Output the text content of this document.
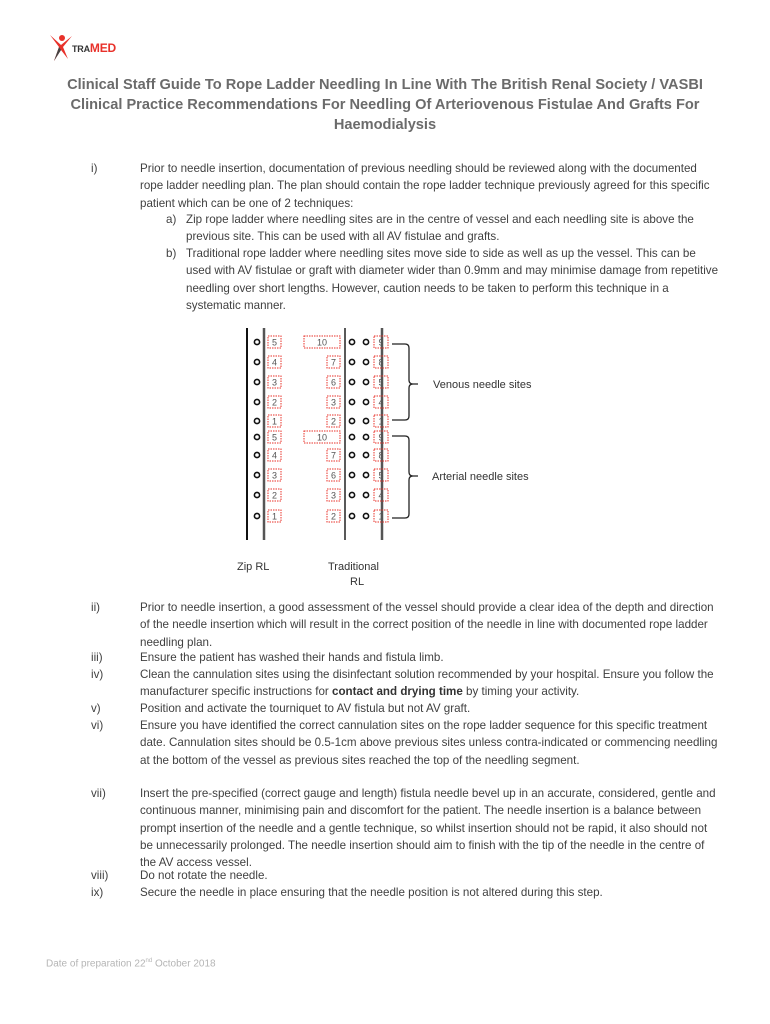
TRAMED
Clinical Staff Guide To Rope Ladder Needling In Line With The British Renal Society / VASBI Clinical Practice Recommendations For Needling Of Arteriovenous Fistulae And Grafts For Haemodialysis
i)	Prior to needle insertion, documentation of previous needling should be reviewed along with the documented rope ladder needling plan. The plan should contain the rope ladder technique previously agreed for this specific patient which can be one of 2 techniques:
a) Zip rope ladder where needling sites are in the centre of vessel and each needling site is above the previous site. This can be used with all AV fistulae and grafts.
b) Traditional rope ladder where needling sites move side to side as well as up the vessel. This can be used with AV fistulae or graft with diameter wider than 0.9mm and may minimise damage from repetitive needling over short lengths. However, caution needs to be taken to perform this technique in a systematic manner.
5	10	9
4	7	8
3	6	5
2	3	4
1	2	1
5	10	9
4	7	8
3	6	5
2	3	4
1	2	1
Venous needle sites
Arterial needle sites
Zip RL	Traditional
RL
ii)	Prior to needle insertion, a good assessment of the vessel should provide a clear idea of the depth and direction of the needle insertion which will result in the correct position of the needle in line with documented rope ladder needling plan.
iii)	Ensure the patient has washed their hands and fistula limb.
iv)	Clean the cannulation sites using the disinfectant solution recommended by your hospital. Ensure you follow the manufacturer specific instructions for contact and drying time by timing your activity.
v)	Position and activate the tourniquet to AV fistula but not AV graft.
vi)	Ensure you have identified the correct cannulation sites on the rope ladder sequence for this specific treatment date. Cannulation sites should be 0.5-1cm above previous sites unless contra-indicated or commencing needling at the bottom of the vessel as previous sites reached the top of the needling segment.
vii)	Insert the pre-specified (correct gauge and length) fistula needle bevel up in an accurate, considered, gentle and continuous manner, minimising pain and discomfort for the patient. The needle insertion is a balance between prompt insertion of the needle and a gentle technique, so whilst insertion should not be rapid, it also should not be unnecessarily prolonged. The needle insertion should aim to finish with the tip of the needle in the centre of the AV access vessel.
viii)	Do not rotate the needle.
ix)	Secure the needle in place ensuring that the needle position is not altered during this step.
Date of preparation 22nd October 2018
